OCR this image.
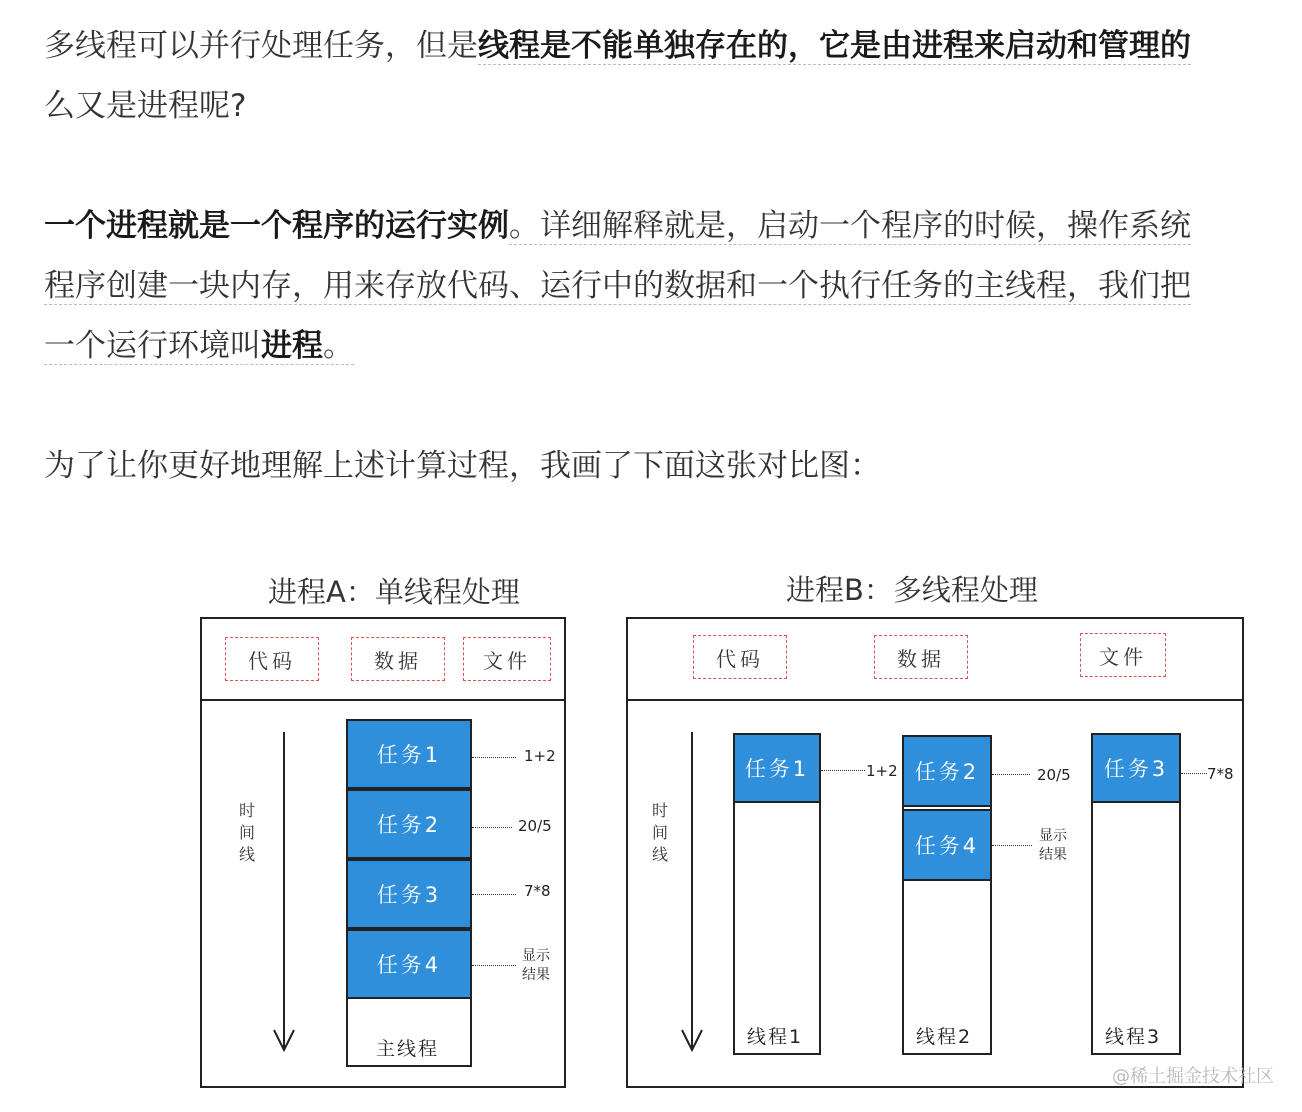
多线程可以并行处理任务，但是线程是不能单独存在的，它是由进程来启动和管理的
么又是进程呢?
一个进程就是一个程序的运行实例。详细解释就是，启动一个程序的时候，操作系统
程序创建一块内存，用来存放代码、运行中的数据和一个执行任务的主线程，我们把
一个运行环境叫进程。
为了让你更好地理解上述计算过程，我画了下面这张对比图：
进程A：单线程处理
代码	数据	文件
时间线
任务1
任务2
任务3
任务4
主线程
1+2
20/5
7*8
显示结果
进程B：多线程处理
代码	数据	文件
时间线
任务1
线程1
1+2 任务2
任务4
线程2
20/5
显示结果
任务3
线程3
7*8
@稀土掘金技术社区
